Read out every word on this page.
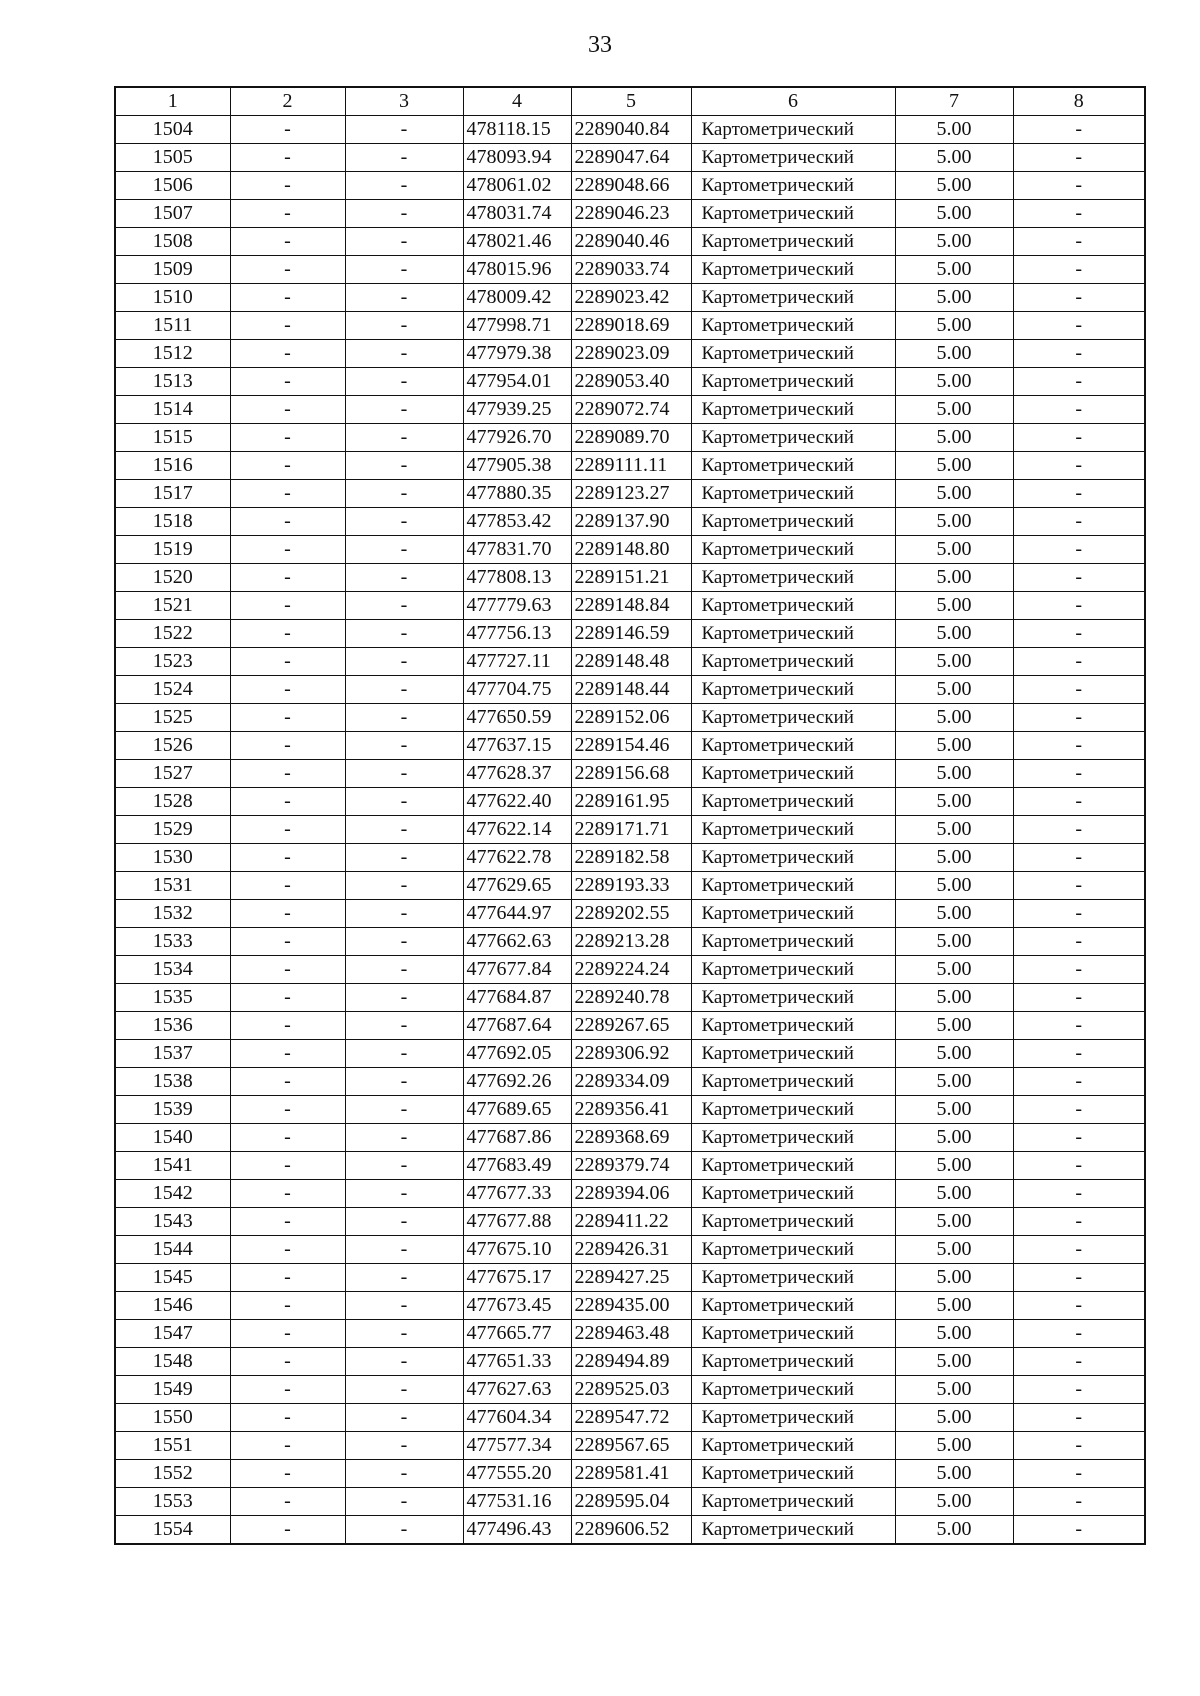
33
1	2	3	4	5	6	7	8
1504	-	-	478118.15	2289040.84	Картометрический	5.00	-
1505	-	-	478093.94	2289047.64	Картометрический	5.00	-
1506	-	-	478061.02	2289048.66	Картометрический	5.00	-
1507	-	-	478031.74	2289046.23	Картометрический	5.00	-
1508	-	-	478021.46	2289040.46	Картометрический	5.00	-
1509	-	-	478015.96	2289033.74	Картометрический	5.00	-
1510	-	-	478009.42	2289023.42	Картометрический	5.00	-
1511	-	-	477998.71	2289018.69	Картометрический	5.00	-
1512	-	-	477979.38	2289023.09	Картометрический	5.00	-
1513	-	-	477954.01	2289053.40	Картометрический	5.00	-
1514	-	-	477939.25	2289072.74	Картометрический	5.00	-
1515	-	-	477926.70	2289089.70	Картометрический	5.00	-
1516	-	-	477905.38	2289111.11	Картометрический	5.00	-
1517	-	-	477880.35	2289123.27	Картометрический	5.00	-
1518	-	-	477853.42	2289137.90	Картометрический	5.00	-
1519	-	-	477831.70	2289148.80	Картометрический	5.00	-
1520	-	-	477808.13	2289151.21	Картометрический	5.00	-
1521	-	-	477779.63	2289148.84	Картометрический	5.00	-
1522	-	-	477756.13	2289146.59	Картометрический	5.00	-
1523	-	-	477727.11	2289148.48	Картометрический	5.00	-
1524	-	-	477704.75	2289148.44	Картометрический	5.00	-
1525	-	-	477650.59	2289152.06	Картометрический	5.00	-
1526	-	-	477637.15	2289154.46	Картометрический	5.00	-
1527	-	-	477628.37	2289156.68	Картометрический	5.00	-
1528	-	-	477622.40	2289161.95	Картометрический	5.00	-
1529	-	-	477622.14	2289171.71	Картометрический	5.00	-
1530	-	-	477622.78	2289182.58	Картометрический	5.00	-
1531	-	-	477629.65	2289193.33	Картометрический	5.00	-
1532	-	-	477644.97	2289202.55	Картометрический	5.00	-
1533	-	-	477662.63	2289213.28	Картометрический	5.00	-
1534	-	-	477677.84	2289224.24	Картометрический	5.00	-
1535	-	-	477684.87	2289240.78	Картометрический	5.00	-
1536	-	-	477687.64	2289267.65	Картометрический	5.00	-
1537	-	-	477692.05	2289306.92	Картометрический	5.00	-
1538	-	-	477692.26	2289334.09	Картометрический	5.00	-
1539	-	-	477689.65	2289356.41	Картометрический	5.00	-
1540	-	-	477687.86	2289368.69	Картометрический	5.00	-
1541	-	-	477683.49	2289379.74	Картометрический	5.00	-
1542	-	-	477677.33	2289394.06	Картометрический	5.00	-
1543	-	-	477677.88	2289411.22	Картометрический	5.00	-
1544	-	-	477675.10	2289426.31	Картометрический	5.00	-
1545	-	-	477675.17	2289427.25	Картометрический	5.00	-
1546	-	-	477673.45	2289435.00	Картометрический	5.00	-
1547	-	-	477665.77	2289463.48	Картометрический	5.00	-
1548	-	-	477651.33	2289494.89	Картометрический	5.00	-
1549	-	-	477627.63	2289525.03	Картометрический	5.00	-
1550	-	-	477604.34	2289547.72	Картометрический	5.00	-
1551	-	-	477577.34	2289567.65	Картометрический	5.00	-
1552	-	-	477555.20	2289581.41	Картометрический	5.00	-
1553	-	-	477531.16	2289595.04	Картометрический	5.00	-
1554	-	-	477496.43	2289606.52	Картометрический	5.00	-
